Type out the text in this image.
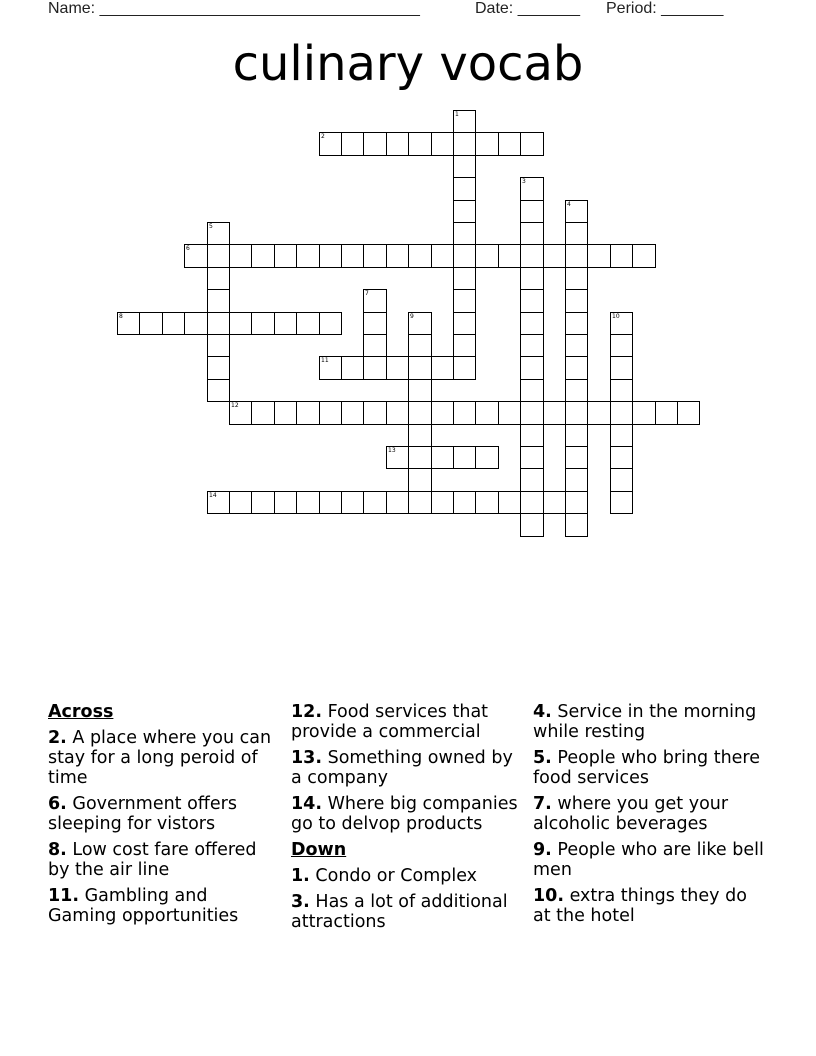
Name: ____________________________________

	Date: _______

Period: _______

culinary vocab
1
2
3
4
5
6
7
8	9	10
11
12
13
14
Across
2. A place where you can stay for a long peroid of time
6. Government offers sleeping for vistors
8. Low cost fare offered by the air line
11. Gambling and Gaming opportunities
12. Food services that provide a commercial
13. Something owned by a company
14. Where big companies go to delvop products
Down
1. Condo or Complex
3. Has a lot of additional attractions
4. Service in the morning while resting
5. People who bring there food services
7. where you get your alcoholic beverages
9. People who are like bell men
10. extra things they do at the hotel
